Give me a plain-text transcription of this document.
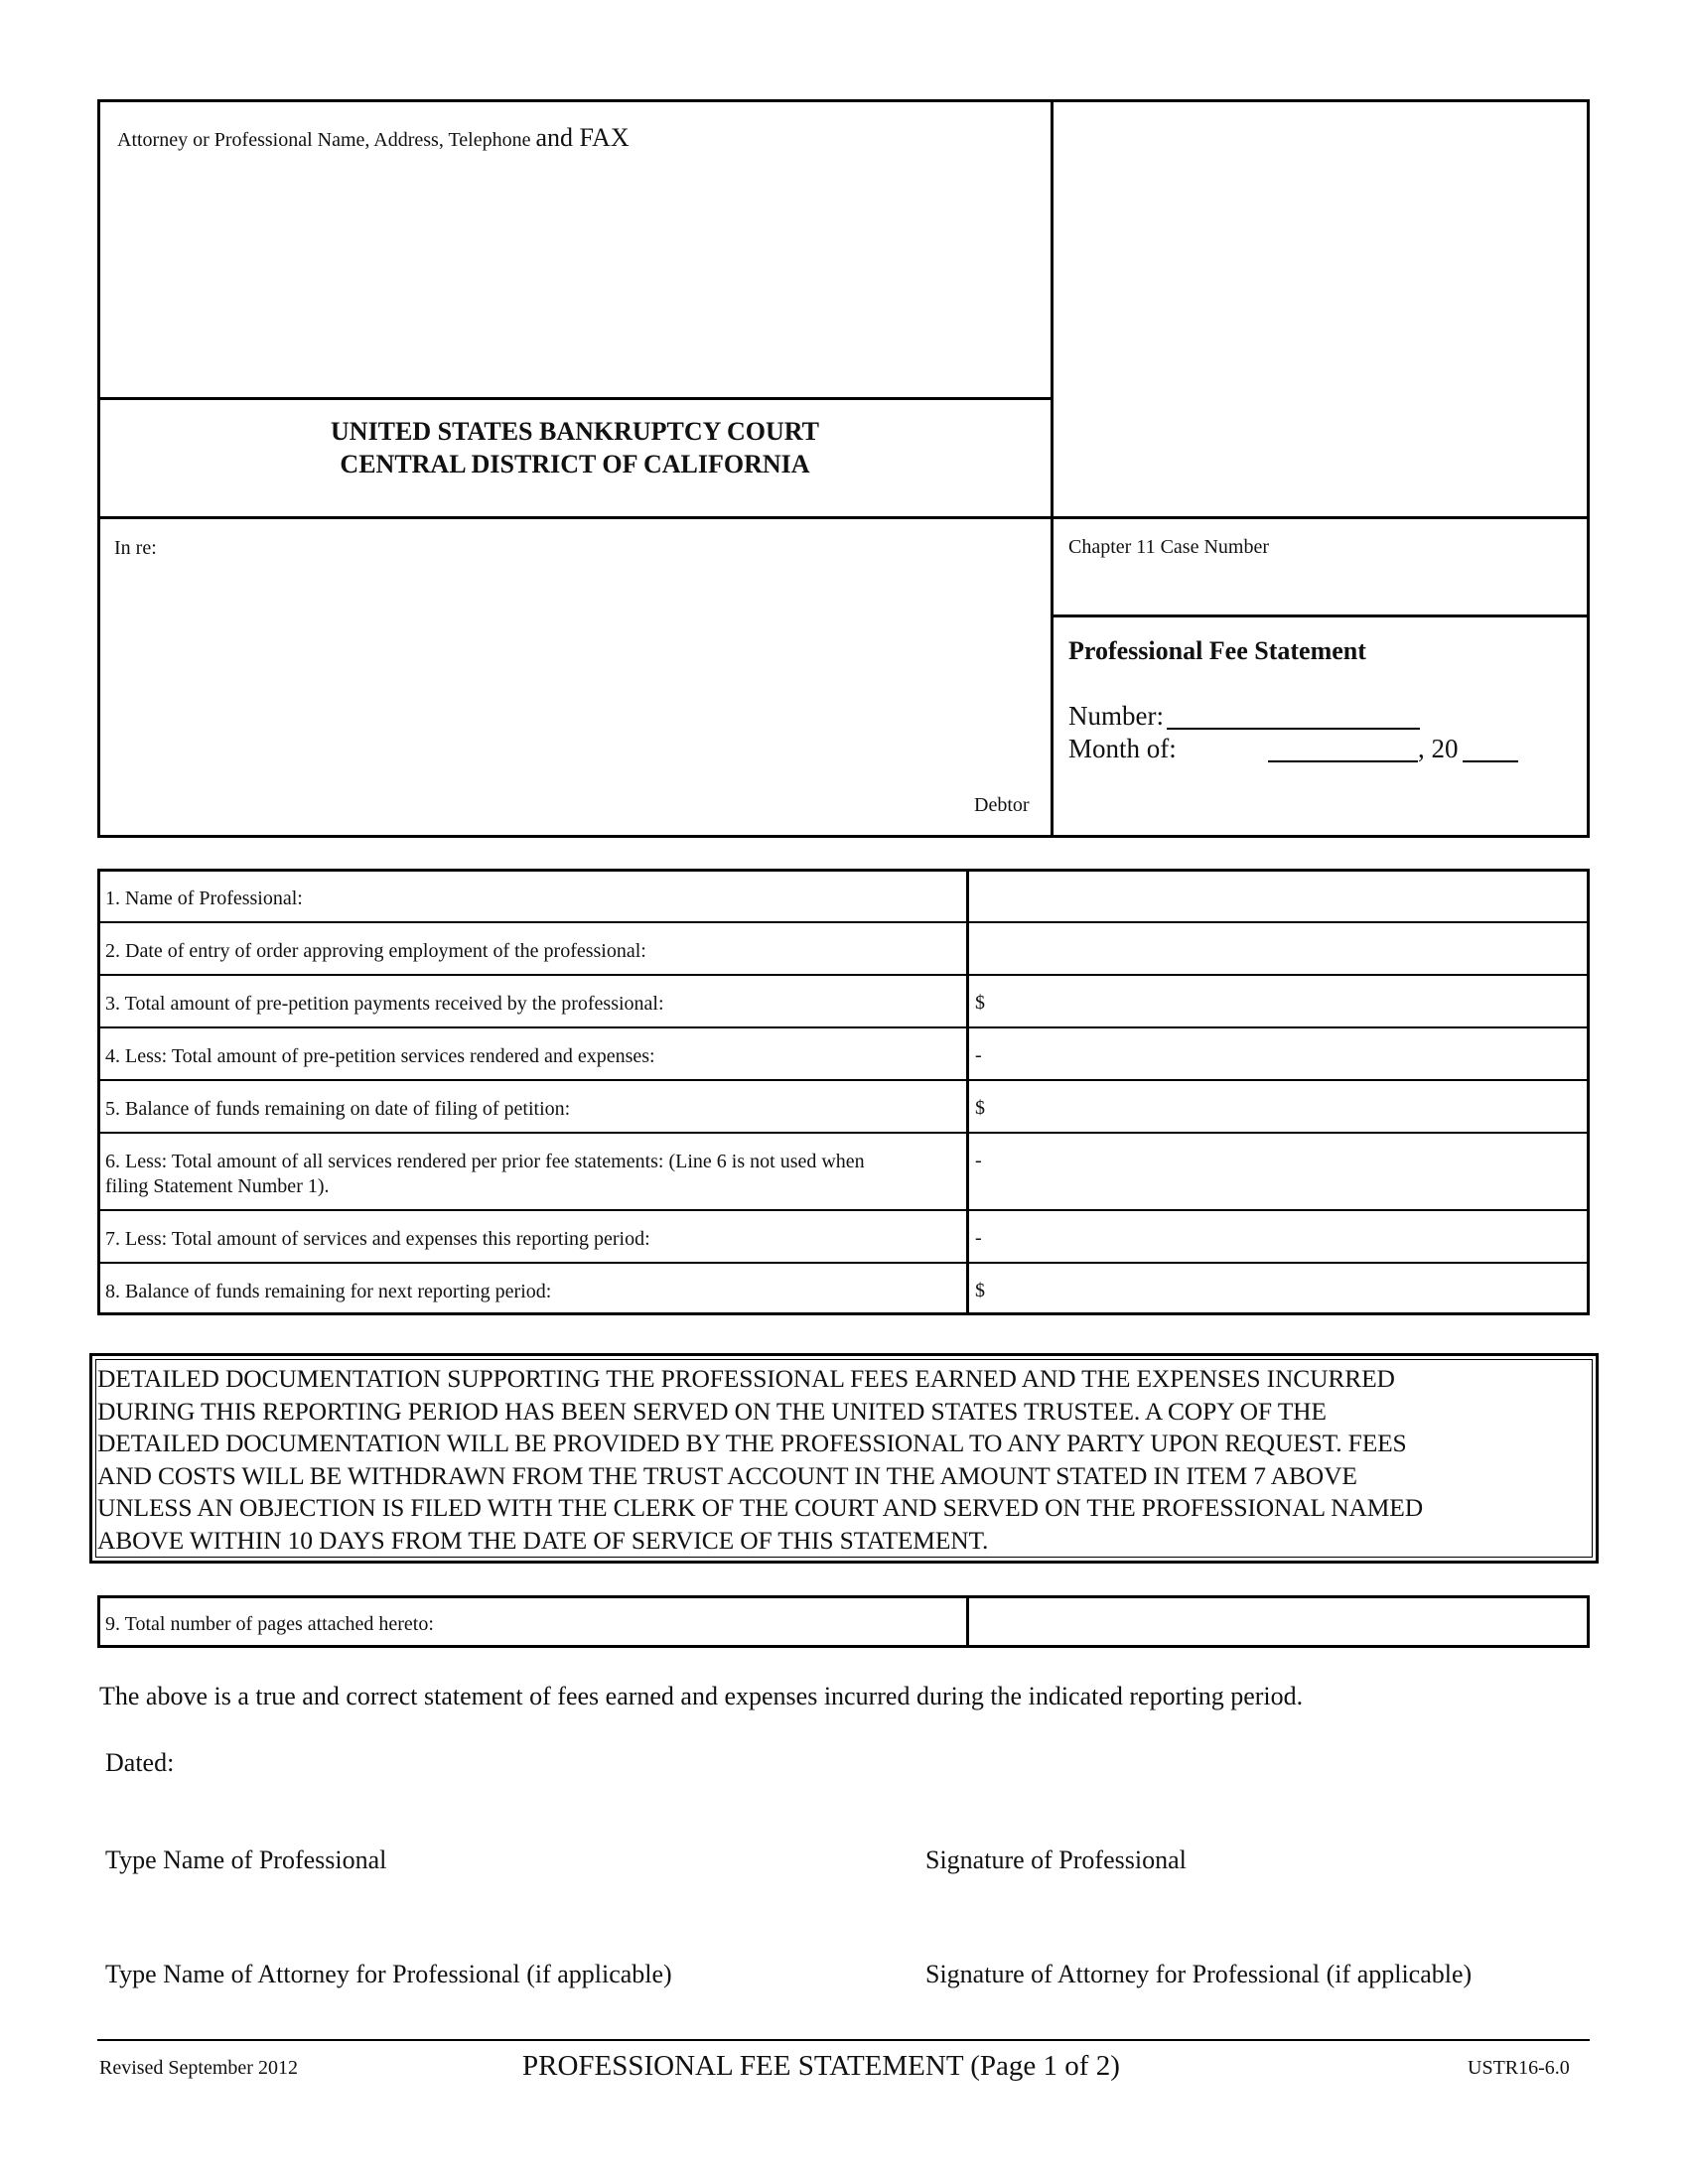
Attorney or Professional Name, Address, Telephone and FAX
UNITED STATES BANKRUPTCY COURT
CENTRAL DISTRICT OF CALIFORNIA
In re:
Debtor
Chapter 11 Case Number
Professional Fee Statement
Number:
Month of:	, 20
1. Name of Professional:
2. Date of entry of order approving employment of the professional:
3. Total amount of pre-petition payments received by the professional:	$
4. Less: Total amount of pre-petition services rendered and expenses:	-
5. Balance of funds remaining on date of filing of petition:	$
6. Less: Total amount of all services rendered per prior fee statements: (Line 6 is not used when
filing Statement Number 1).
-
7. Less: Total amount of services and expenses this reporting period:	-
8. Balance of funds remaining for next reporting period:	$
DETAILED DOCUMENTATION SUPPORTING THE PROFESSIONAL FEES EARNED AND THE EXPENSES INCURRED
DURING THIS REPORTING PERIOD HAS BEEN SERVED ON THE UNITED STATES TRUSTEE. A COPY OF THE
DETAILED DOCUMENTATION WILL BE PROVIDED BY THE PROFESSIONAL TO ANY PARTY UPON REQUEST. FEES
AND COSTS WILL BE WITHDRAWN FROM THE TRUST ACCOUNT IN THE AMOUNT STATED IN ITEM 7 ABOVE
UNLESS AN OBJECTION IS FILED WITH THE CLERK OF THE COURT AND SERVED ON THE PROFESSIONAL NAMED
ABOVE WITHIN 10 DAYS FROM THE DATE OF SERVICE OF THIS STATEMENT.
9. Total number of pages attached hereto:
The above is a true and correct statement of fees earned and expenses incurred during the indicated reporting period.
Dated:
Type Name of Professional	Signature of Professional
Type Name of Attorney for Professional (if applicable)	Signature of Attorney for Professional (if applicable)
Revised September 2012	PROFESSIONAL FEE STATEMENT (Page 1 of 2)	USTR16-6.0
